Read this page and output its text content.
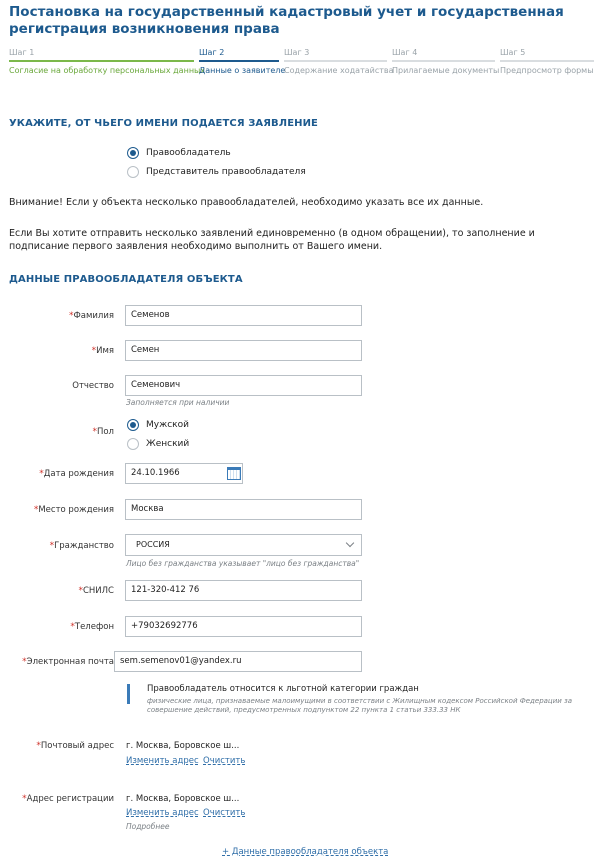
Постановка на государственный кадастровый учет и государственная регистрация возникновения права
Шаг 1
Согласие на обработку персональных данных
Шаг 2
Данные о заявителе
Шаг 3
Содержание ходатайства
Шаг 4
Прилагаемые документы
Шаг 5
Предпросмотр формы
УКАЖИТЕ, ОТ ЧЬЕГО ИМЕНИ ПОДАЕТСЯ ЗАЯВЛЕНИЕ
Правообладатель
Представитель правообладателя
Внимание! Если у объекта несколько правообладателей, необходимо указать все их данные.
Если Вы хотите отправить несколько заявлений единовременно (в одном обращении), то заполнение и подписание первого заявления необходимо выполнить от Вашего имени.
ДАННЫЕ ПРАВООБЛАДАТЕЛЯ ОБЪЕКТА
*Фамилия	Семенов
*Имя	Семен
Отчество	Семенович
Заполняется при наличии
*Пол
Мужской
Женский
*Дата рождения	24.10.1966
*Место рождения	Москва
*Гражданство	РОССИЯ
Лицо без гражданства указывает "лицо без гражданства"
*СНИЛС	121-320-412 76
*Телефон	+79032692776
*Электронная почта sem.semenov01@yandex.ru
Правообладатель относится к льготной категории граждан
физические лица, признаваемые малоимущими в соответствии с Жилищным кодексом Российской Федерации за совершение действий, предусмотренных подпунктом 22 пункта 1 статьи 333.33 НК
*Почтовый адрес г. Москва, Боровское ш...
Изменить адрес Очистить
*Адрес регистрации г. Москва, Боровское ш...
Изменить адрес Очистить
Подробнее
+ Данные правообладателя объекта
